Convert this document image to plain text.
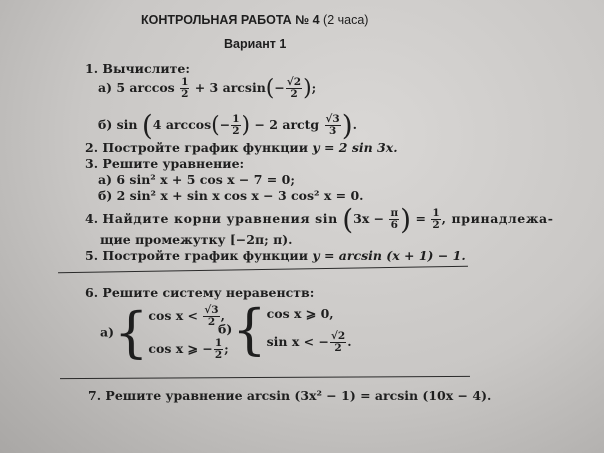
КОНТРОЛЬНАЯ РАБОТА № 4 (2 часа)
Вариант 1
1. Вычислите:
а) 5 $\arccos \frac{1}{2} + 3$ $\arcsin(- \frac{√2}{2}$ );
б) sin (4 $\arccos(- \frac{1}{2}$ ) − 2 arctg $\frac{√3}{3}$ ).
2. Постройте график функции y = 2 sin 3x.
3. Решите уравнение:
а) 6 sin² x + 5 cos x − 7 = 0;
б) 2 sin² x + sin x cos x − 3 cos² x = 0.
4. Найдите корни уравнения $\sin (3x - \frac{\pi}{6}$ ) = $\frac{1}{2}$ , принадлежа-
щие промежутку [−2π; π).
5. Постройте график функции y = arcsin (x + 1) − 1.
6. Решите систему неравенств:
а){ $\cos x < \frac{√3}{2}$ ,
cos x ⩾ − $\frac{1}{2}$ ;
б){ cos x ⩾ 0,
sin x < − $\frac{√2}{2}$ .
7. Решите уравнение arcsin (3x² − 1) = arcsin (10x − 4).
